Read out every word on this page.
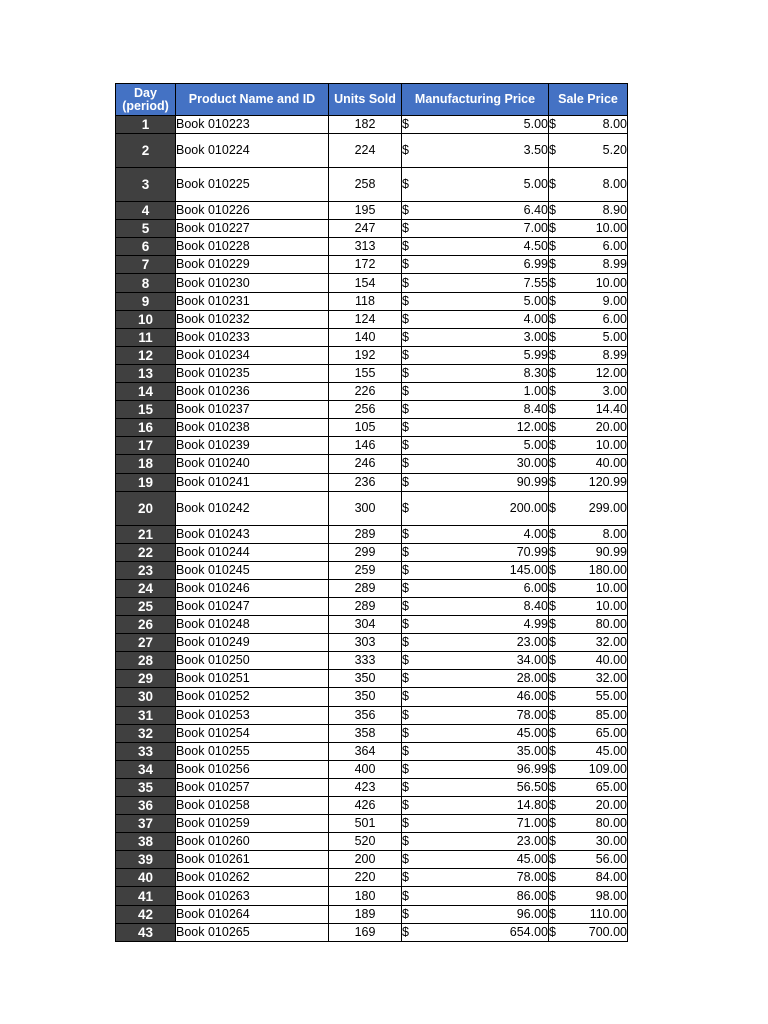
Day (period)	Product Name and ID	Units Sold	Manufacturing Price	Sale Price
1	Book 010223	182	$ 5.00	$ 8.00

2	Book 010224	224	$ 3.50	$ 5.20

3	Book 010225	258	$ 5.00	$ 8.00

4	Book 010226	195	$ 6.40	$ 8.90

5	Book 010227	247	$ 7.00	$ 10.00

6	Book 010228	313	$ 4.50	$ 6.00

7	Book 010229	172	$ 6.99	$ 8.99

8	Book 010230	154	$ 7.55	$ 10.00

9	Book 010231	118	$ 5.00	$ 9.00

10	Book 010232	124	$ 4.00	$ 6.00

11	Book 010233	140	$ 3.00	$ 5.00

12	Book 010234	192	$ 5.99	$ 8.99

13	Book 010235	155	$ 8.30	$ 12.00

14	Book 010236	226	$ 1.00	$ 3.00

15	Book 010237	256	$ 8.40	$ 14.40

16	Book 010238	105	$ 12.00	$ 20.00

17	Book 010239	146	$ 5.00	$ 10.00

18	Book 010240	246	$ 30.00	$ 40.00

19	Book 010241	236	$ 90.99	$ 120.99

20	Book 010242	300	$ 200.00	$ 299.00

21	Book 010243	289	$ 4.00	$ 8.00

22	Book 010244	299	$ 70.99	$ 90.99

23	Book 010245	259	$ 145.00	$ 180.00

24	Book 010246	289	$ 6.00	$ 10.00

25	Book 010247	289	$ 8.40	$ 10.00

26	Book 010248	304	$ 4.99	$ 80.00

27	Book 010249	303	$ 23.00	$ 32.00

28	Book 010250	333	$ 34.00	$ 40.00

29	Book 010251	350	$ 28.00	$ 32.00

30	Book 010252	350	$ 46.00	$ 55.00

31	Book 010253	356	$ 78.00	$ 85.00

32	Book 010254	358	$ 45.00	$ 65.00

33	Book 010255	364	$ 35.00	$ 45.00

34	Book 010256	400	$ 96.99	$ 109.00

35	Book 010257	423	$ 56.50	$ 65.00

36	Book 010258	426	$ 14.80	$ 20.00

37	Book 010259	501	$ 71.00	$ 80.00

38	Book 010260	520	$ 23.00	$ 30.00

39	Book 010261	200	$ 45.00	$ 56.00

40	Book 010262	220	$ 78.00	$ 84.00

41	Book 010263	180	$ 86.00	$ 98.00

42	Book 010264	189	$ 96.00	$ 110.00

43	Book 010265	169	$ 654.00	$ 700.00
